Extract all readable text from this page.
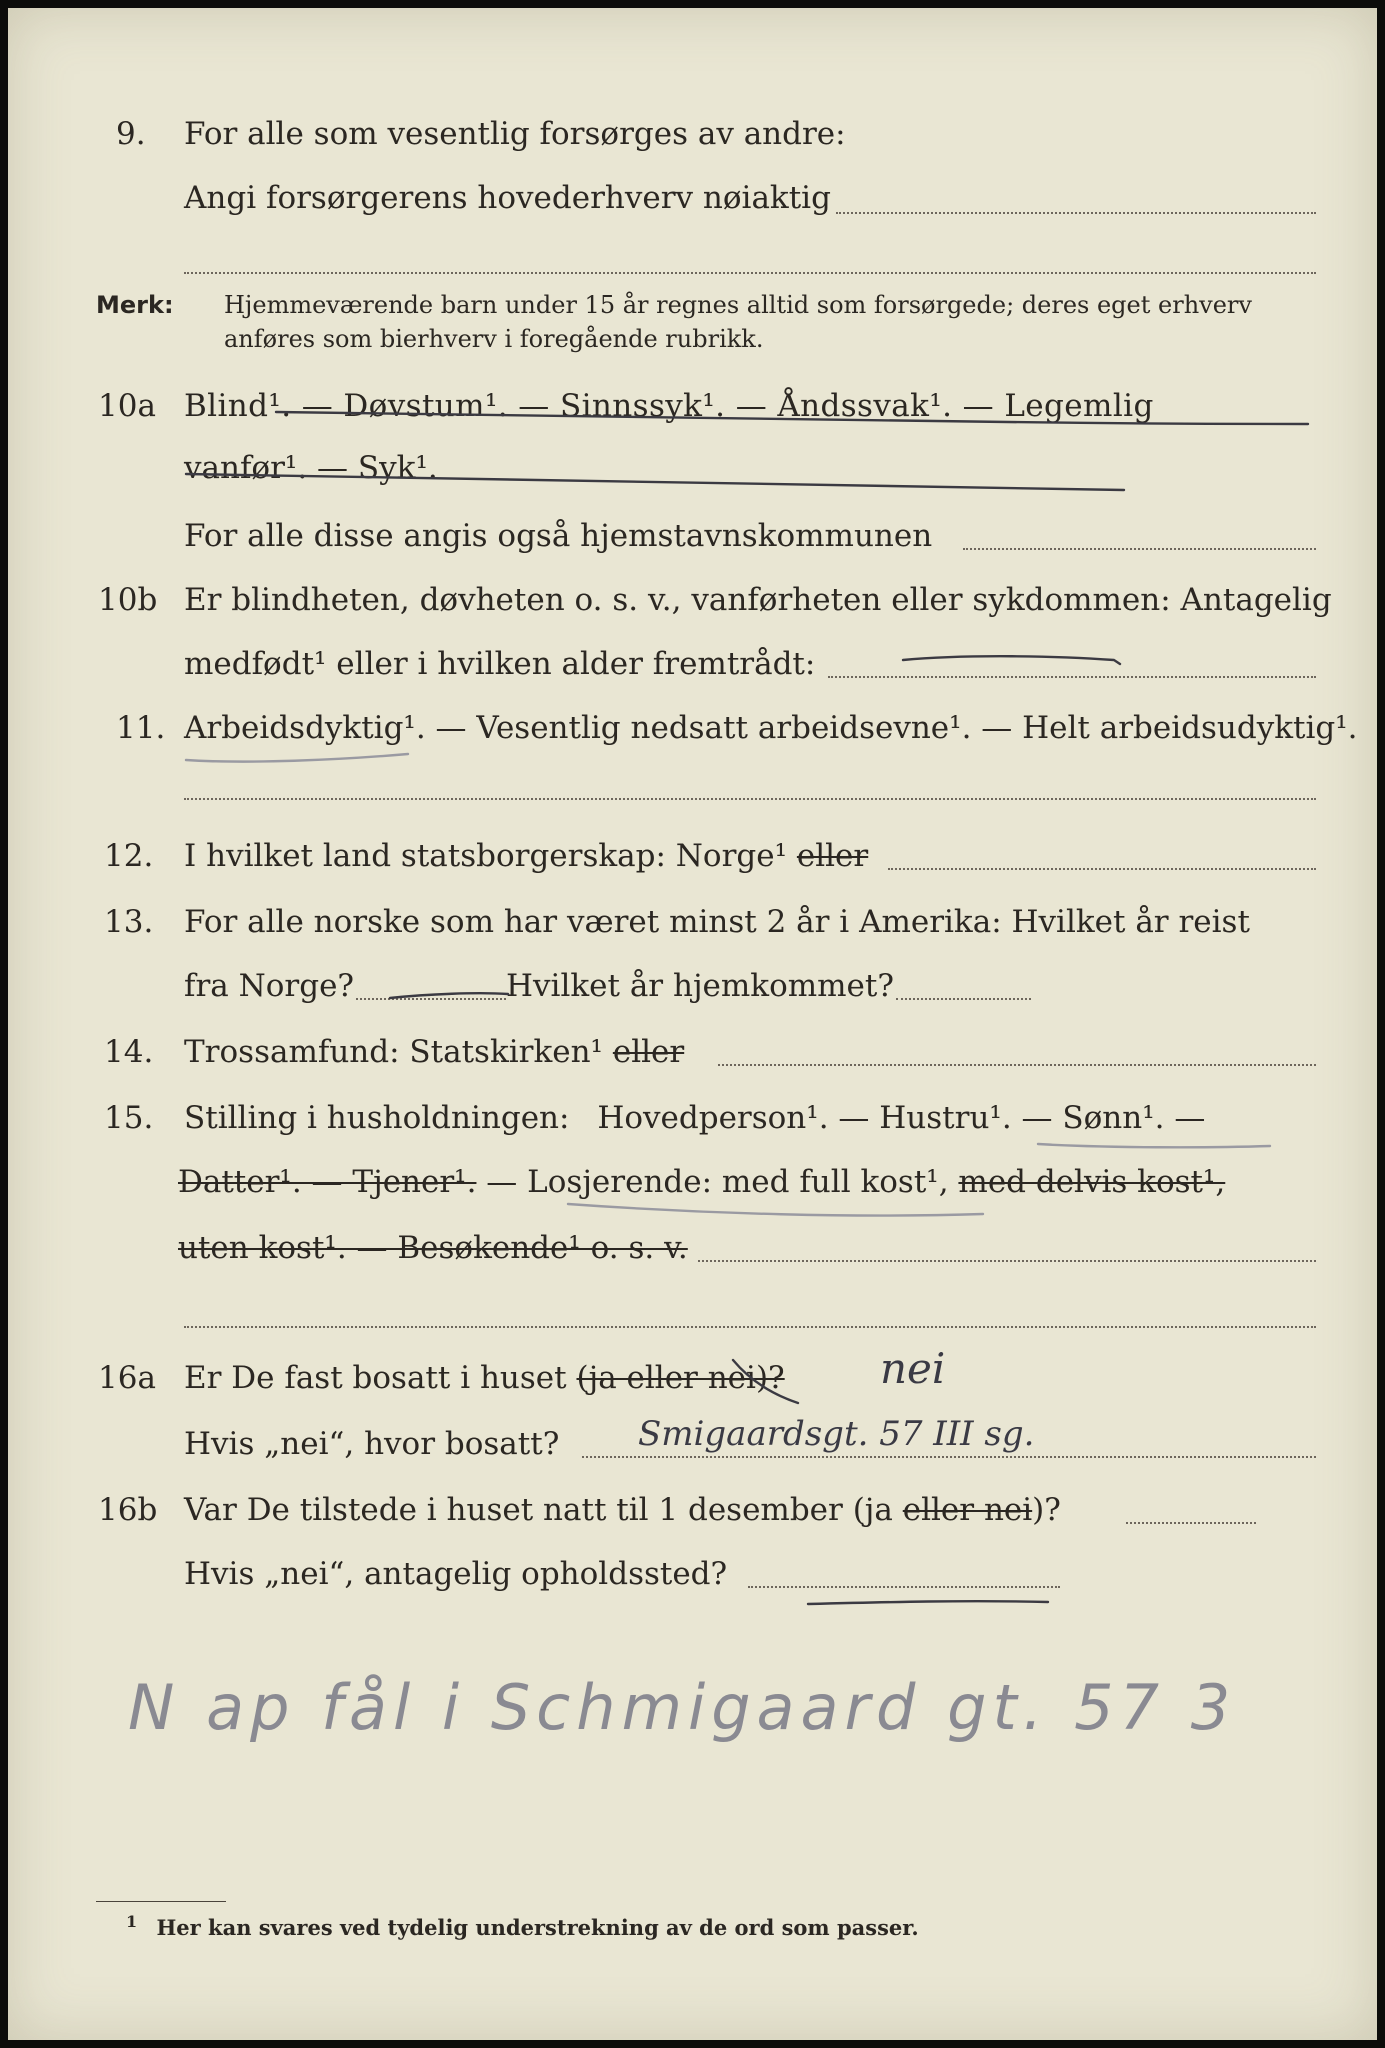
9. For alle som vesentlig forsørges av andre:
Angi forsørgerens hovederhverv nøiaktig
Merk: Hjemmeværende barn under 15 år regnes alltid som forsørgede; deres eget erhverv
anføres som bierhverv i foregående rubrikk.
10a Blind¹. — Døvstum¹. — Sinnssyk¹. — Åndssvak¹. — Legemlig
vanfør¹. — Syk¹.
For alle disse angis også hjemstavnskommunen
10b Er blindheten, døvheten o. s. v., vanførheten eller sykdommen: Antagelig
medfødt¹ eller i hvilken alder fremtrådt:
11. Arbeidsdyktig¹. — Vesentlig nedsatt arbeidsevne¹. — Helt arbeidsudyktig¹.
12. I hvilket land statsborgerskap: Norge¹ eller
13. For alle norske som har været minst 2 år i Amerika: Hvilket år reist
fra Norge?	Hvilket år hjemkommet?
14. Trossamfund: Statskirken¹ eller
15. Stilling i husholdningen: Hovedperson¹. — Hustru¹. — Sønn¹. —
Datter¹. — Tjener¹. — Losjerende: med full kost¹, med delvis kost¹,
uten kost¹. — Besøkende¹ o. s. v.
16a Er De fast bosatt i huset (ja eller nei)? nei
Hvis „nei“, hvor bosatt? Smigaardsgt. 57 III sg.
16b Var De tilstede i huset natt til 1 desember (ja eller nei)?
Hvis „nei“, antagelig opholdssted?
N ap fål i Schmigaard gt. 57 3
$^1$ Her kan svares ved tydelig understrekning av de ord som passer.
